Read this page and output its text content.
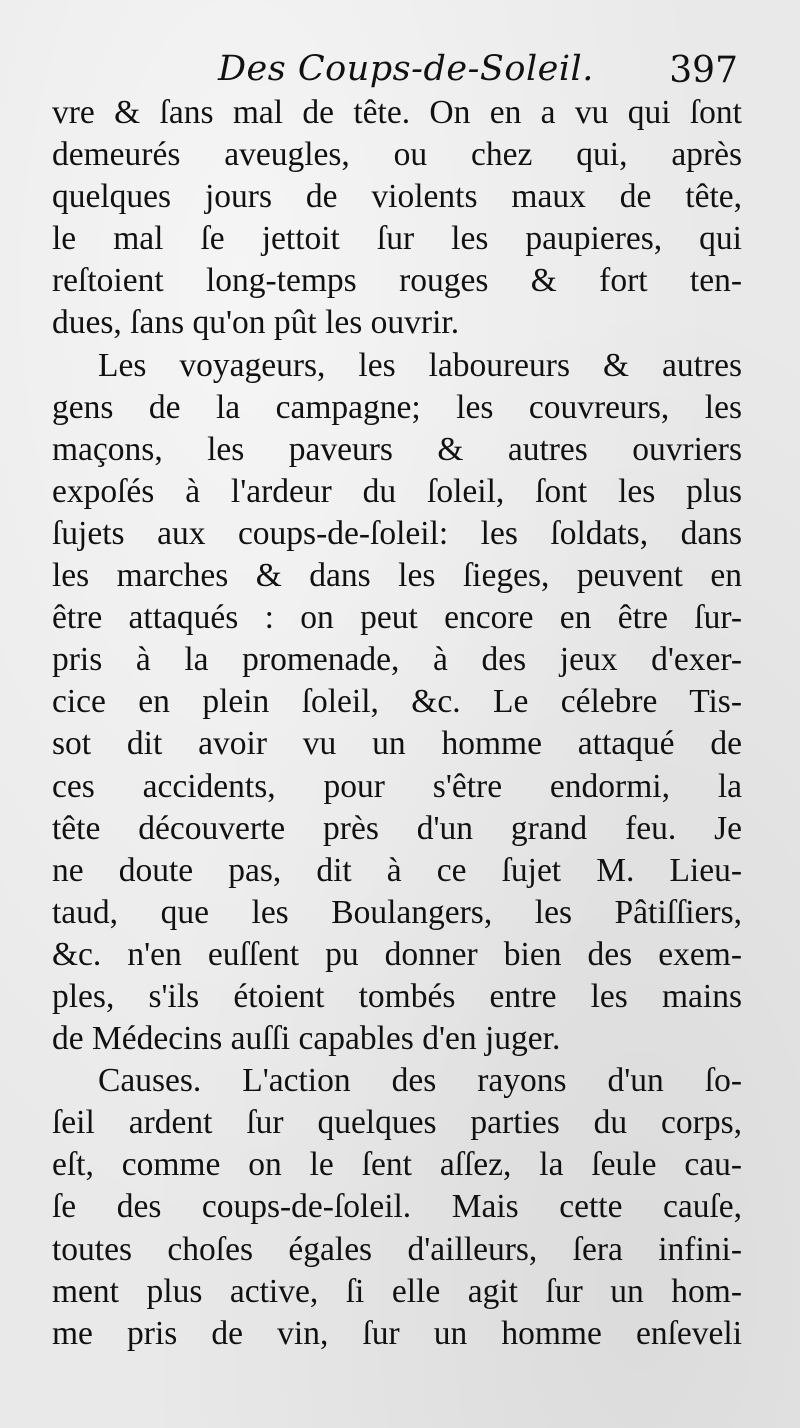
Des Coups-de-Soleil. 397
vre & ſans mal de tête. On en a vu qui ſont
demeurés aveugles, ou chez qui, après
quelques jours de violents maux de tête,
le mal ſe jettoit ſur les paupieres, qui
reſtoient long-temps rouges & fort ten-
dues, ſans qu'on pût les ouvrir.
Les voyageurs, les laboureurs & autres
gens de la campagne; les couvreurs, les
maçons, les paveurs & autres ouvriers
expoſés à l'ardeur du ſoleil, ſont les plus
ſujets aux coups-de-ſoleil: les ſoldats, dans
les marches & dans les ſieges, peuvent en
être attaqués : on peut encore en être ſur-
pris à la promenade, à des jeux d'exer-
cice en plein ſoleil, &c. Le célebre Tis-
sot dit avoir vu un homme attaqué de
ces accidents, pour s'être endormi, la
tête découverte près d'un grand feu. Je
ne doute pas, dit à ce ſujet M. Lieu-
taud, que les Boulangers, les Pâtiſſiers,
&c. n'en euſſent pu donner bien des exem-
ples, s'ils étoient tombés entre les mains
de Médecins auſſi capables d'en juger.
Causes. L'action des rayons d'un ſo-
ſeil ardent ſur quelques parties du corps,
eſt, comme on le ſent aſſez, la ſeule cau-
ſe des coups-de-ſoleil. Mais cette cauſe,
toutes choſes égales d'ailleurs, ſera infini-
ment plus active, ſi elle agit ſur un hom-
me pris de vin, ſur un homme enſeveli
